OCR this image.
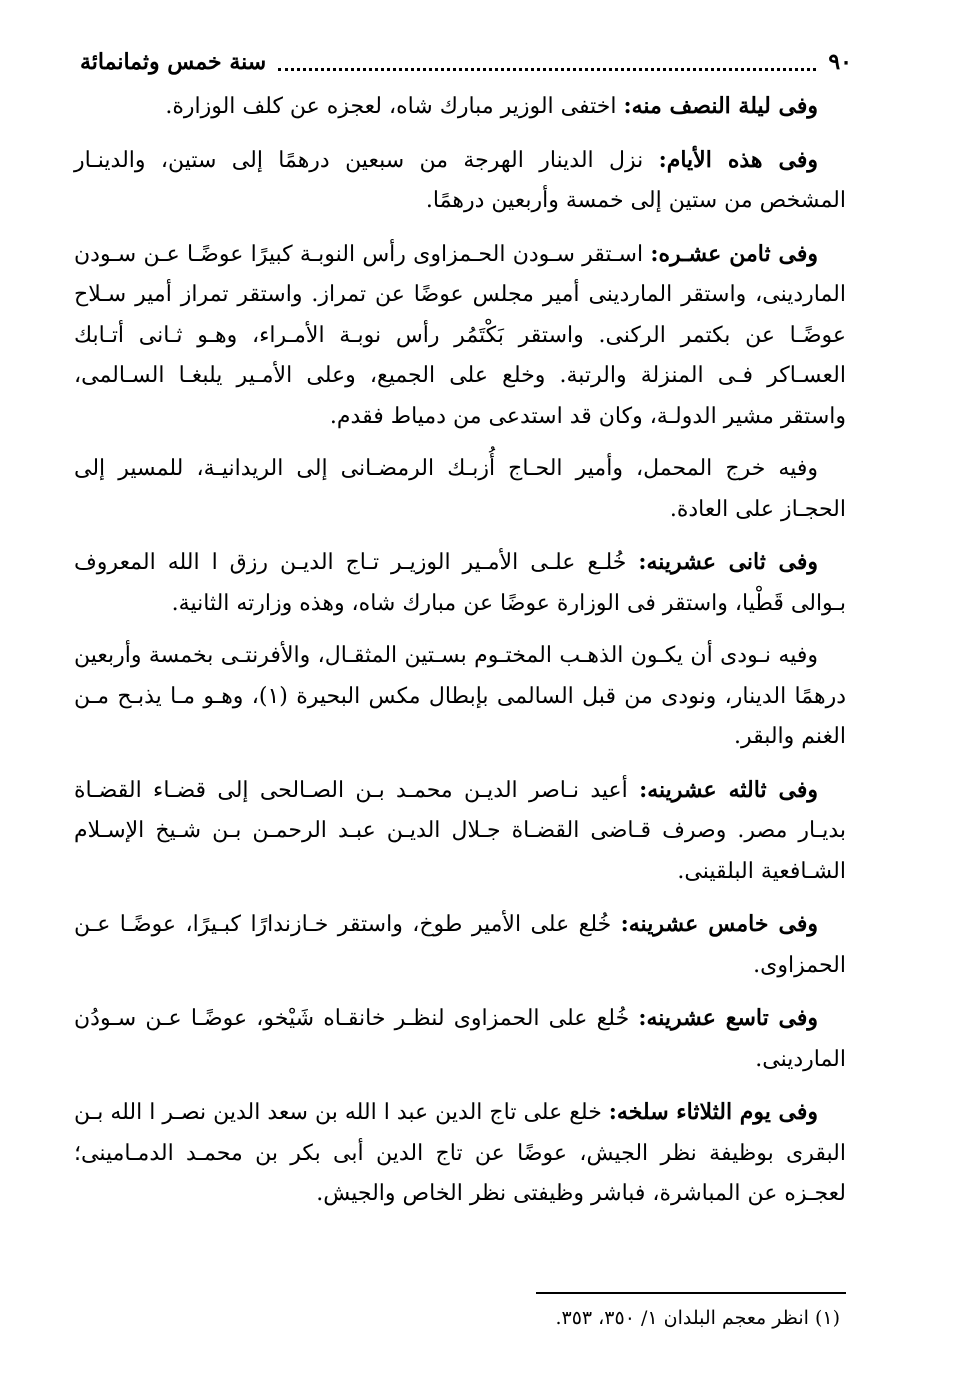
٩٠
سنة خمس وثمانمائة

وفى ليلة النصف منه: اختفى الوزير مبارك شاه، لعجزه عن كلف الوزارة.

وفى هذه الأيام: نزل الدينار الهرجة من سبعين درهمًا إلى ستين، والدينـار المشخص من ستين إلى خمسة وأربعين درهمًا.

وفى ثامن عشـره: اسـتقر سـودن الحـمزاوى رأس النوبـة كبيرًا عوضًـا عـن سـودن الماردينى، واستقر الماردينى أمير مجلس عوضًا عن تمراز. واستقر تمراز أمير سـلاح عوضًـا عن بكتمر الركنى. واستقر بَكْتَمُر رأس نوبـة الأمـراء، وهـو ثـانى أتـابك العسـاكر فـى المنزلة والرتبة. وخلع على الجميع، وعلى الأمـير يلبغـا السـالمى، واستقر مشير الدولـة، وكان قد استدعى من دمياط فقدم.

وفيه خرج المحمل، وأمير الحـاج أُزبـك الرمضـانى إلى الريدانيـة، للمسير إلى الحجـاز على العادة.

وفى ثانى عشرينه: خُلـع علـى الأمـير الوزيـر تـاج الديـن رزق ا الله المعروف بـوالى قَطْيا، واستقر فى الوزارة عوضًا عن مبارك شاه، وهذه وزارته الثانية.

وفيه نـودى أن يكـون الذهـب المختـوم بسـتين المثقـال، والأفرنتـى بخمسة وأربعين درهمًا الدينار، ونودى من قبل السالمى بإبطال مكس البحيرة (١)، وهـو مـا يذبـح مـن الغنم والبقر.

وفى ثالثه عشرينه: أعيد نـاصر الديـن محمـد بـن الصـالحى إلى قضـاء القضـاة بديـار مصر. وصرف قـاضى القضـاة جـلال الديـن عبـد الرحمـن بـن شـيخ الإسـلام الشـافعية البلقينى.

وفى خامس عشرينه: خُلع على الأمير طوخ، واستقر خـازندارًا كبـيرًا، عوضًـا عـن الحمزاوى.

وفى تاسع عشرينه: خُلع على الحمزاوى لنظـر خانقـاه شَيْخو، عوضًـا عـن سـودُن الماردينى.

وفى يوم الثلاثاء سلخه: خلع على تاج الدين عبد ا الله بن سعد الدين نصـر ا الله بـن البقرى بوظيفة نظر الجيش، عوضًا عن تاج الدين أبى بكر بن محمـد الدمـامينى؛ لعجـزه عن المباشرة، فباشر وظيفتى نظر الخاص والجيش.

(١) انظر معجم البلدان ١/ ٣٥٠، ٣٥٣.
